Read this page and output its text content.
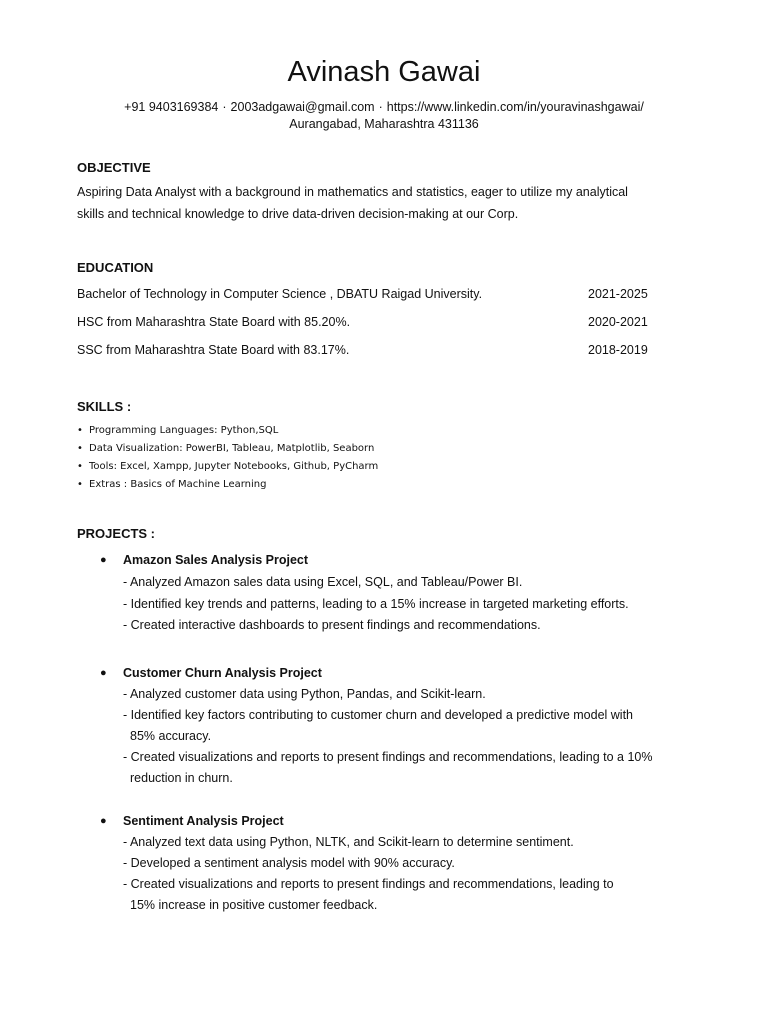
Avinash Gawai
+91 9403169384 · 2003adgawai@gmail.com · https://www.linkedin.com/in/youravinashgawai/
Aurangabad, Maharashtra 431136
OBJECTIVE
Aspiring Data Analyst with a background in mathematics and statistics, eager to utilize my analytical
skills and technical knowledge to drive data-driven decision-making at our Corp.
EDUCATION
Bachelor of Technology in Computer Science , DBATU Raigad University.	2021-2025
HSC from Maharashtra State Board with 85.20%.	2020-2021
SSC from Maharashtra State Board with 83.17%.	2018-2019
SKILLS :
• Programming Languages: Python,SQL
• Data Visualization: PowerBI, Tableau, Matplotlib, Seaborn
• Tools: Excel, Xampp, Jupyter Notebooks, Github, PyCharm
• Extras : Basics of Machine Learning
PROJECTS :
● Amazon Sales Analysis Project
- Analyzed Amazon sales data using Excel, SQL, and Tableau/Power BI.
- Identified key trends and patterns, leading to a 15% increase in targeted marketing efforts.
- Created interactive dashboards to present findings and recommendations.
● Customer Churn Analysis Project
- Analyzed customer data using Python, Pandas, and Scikit-learn.
- Identified key factors contributing to customer churn and developed a predictive model with
85% accuracy.
- Created visualizations and reports to present findings and recommendations, leading to a 10%
reduction in churn.
● Sentiment Analysis Project
- Analyzed text data using Python, NLTK, and Scikit-learn to determine sentiment.
- Developed a sentiment analysis model with 90% accuracy.
- Created visualizations and reports to present findings and recommendations, leading to
15% increase in positive customer feedback.
